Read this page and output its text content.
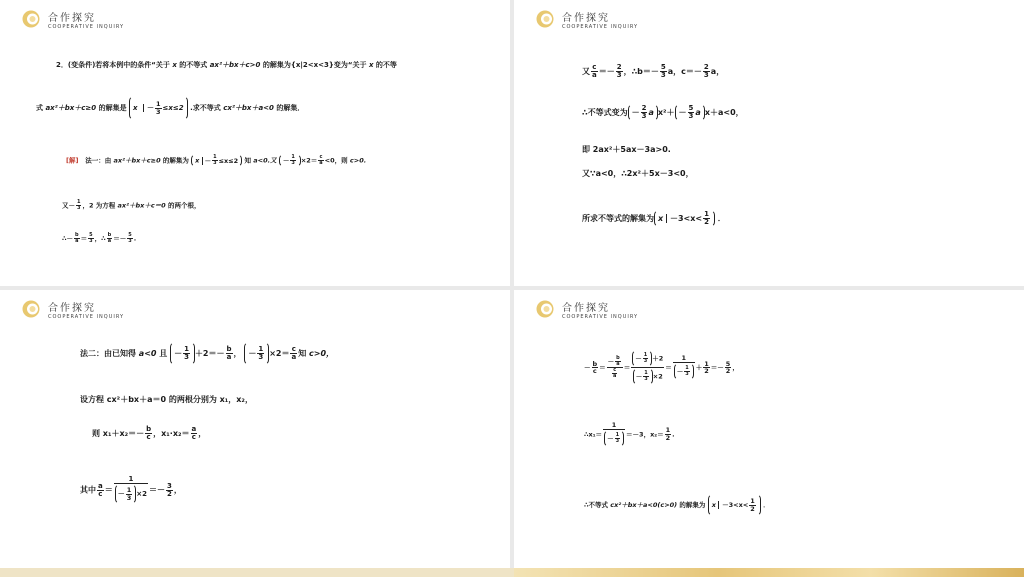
合作探究
COOPERATIVE INQUIRY
2．(变条件)若将本例中的条件“关于 x 的不等式 ax²＋bx＋c>0 的解集为{x|2<x<3}变为“关于 x 的不等
式 ax²＋bx＋c≥0 的解集是 $x - \frac{1}{3} \le x\le 2$ .求不等式 cx²＋bx＋a<0 的解集．
[解] 法一：由 ax²＋bx＋c≥0 的解集为 $x - \frac{1}{3} \le x\le 2$ 知 a<0.又 － $\frac{1}{3} \times 2= \frac{c}{a} <0$，则 c>0.
又－ $\frac{1}{3}$ ，2 为方程 ax²＋bx＋c＝0 的两个根，
∴－ $\frac{b}{a} = \frac{5}{3}$ ，∴ $\frac{b}{a} =- \frac{5}{3}$ .
合作探究
COOPERATIVE INQUIRY
又 $\frac{c}{a} =- \frac{2}{3}$ ，∴b＝－ $\frac{5}{3}$ a，$c=- \frac{2}{3}$ a，
∴不等式变为 － $\frac{2}{3}$ a $x^2+ - \frac{5}{3}$ a x＋a<0，
即 2ax²＋5ax－3a>0.
又∵a<0，∴2x²＋5x－3<0，
所求不等式的解集为 $x -3<x< \frac{1}{2}$ ．
合作探究
COOPERATIVE INQUIRY
法二：由已知得 a<0 且 － $\frac{1}{3} +2=- \frac{b}{a}$ ， － $\frac{1}{3} \times 2= \frac{c}{a}$ 知 c>0，
设方程 cx²＋bx＋a＝0 的两根分别为 x₁，x₂，
则 $x_1+x_2=- \frac{b}{c}$ ，$x_1\cdot x_2= \frac{a}{c}$ ，
其中 $\frac{a}{c} = \frac{1}{- \frac{1}{3} \times 2} =- \frac{3}{2}$ ，
合作探究
COOPERATIVE INQUIRY
－ $\frac{b}{c} = \frac{- \frac{b}{a}}{\frac{c}{a}} = \frac{- \frac{1}{3} +2}{- \frac{1}{3} \times 2} = \frac{1}{- \frac{1}{3}} + \frac{1}{2} =- \frac{5}{2}$ ，
∴x₁＝ $\frac{1}{- \frac{1}{3}} =-3$，$x_2= \frac{1}{2}$ .
∴不等式 cx²＋bx＋a<0(c>0) 的解集为 $x -3<x< \frac{1}{2}$ ．
